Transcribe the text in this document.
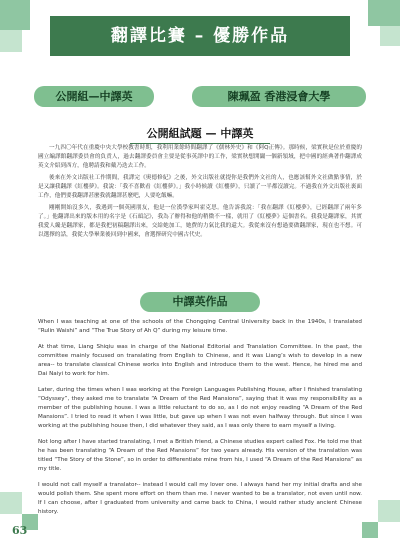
翻譯比賽 – 優勝作品
公開組—中譯英	陳珮盈 香港浸會大學
公開組試題 — 中譯英

一九四〇年代在重慶中央大學校教書時期，我利用業餘時間翻譯了《儒林外史》和《阿Q正傳》。那時候，梁實秋是位於重慶的國立編譯館翻譯委員會的負責人，過去翻譯委員會主要是從事英譯中的工作，梁實秋想開闢一個新領域，把中國的經典著作翻譯成英文介紹到西方，他聘請我和戴乃迭去工作。

後來在外文出版社工作期間，我譯完《奧德修紀》之後，外文出版社就提你是我們外文社的人，也應該幫外文社做點事情，於是又讓我翻譯《紅樓夢》。我說：「我不喜歡看《紅樓夢》。」我小時候讀《紅樓夢》，只讀了一半都沒讀完。不過我在外文出版社裏面工作，他們要我翻譯甚麼我就翻譯甚麼吧，人要吃飯嘛。

剛剛開始沒多久，我遇到一個英國朋友，他是一位漢學家叫霍克思。他告訴我說：「我在翻譯《紅樓夢》，已經翻譯了兩年多了。」他翻譯出來的版本用的名字是《石頭記》，我為了辦得和他的稍微不一樣，就用了《紅樓夢》這個書名。我我是翻譯家，其實我愛人纔是翻譯家，都是我把初稿翻譯出來，交給她加工，她費的力氣比我的還大。我從來沒有想過要做翻譯家，現在也不想。可以選擇的話，我從大學畢業後回到中國來，會選擇研究中國古代史。

中譯英作品

When I was teaching at one of the schools of the Chongqing Central University back in the 1940s, I translated “Rulin Waishi” and “The True Story of Ah Q” during my leisure time.

At that time, Liang Shiqiu was in charge of the National Editorial and Translation Committee. In the past, the committee mainly focused on translating from English to Chinese, and it was Liang’s wish to develop in a new area-- to translate classical Chinese works into English and introduce them to the west. Hence, he hired me and Dai Naiyi to work for him.

Later, during the times when I was working at the Foreign Languages Publishing House, after I finished translating “Odyssey”, they asked me to translate “A Dream of the Red Mansions”, saying that it was my responsibility as a member of the publishing house. I was a little reluctant to do so, as I do not enjoy reading “A Dream of the Red Mansions”. I tried to read it when I was little, but gave up when I was not even halfway through. But since I was working at the publishing house then, I did whatever they said, as I was only there to earn myself a living.

Not long after I have started translating, I met a British friend, a Chinese studies expert called Fox. He told me that he has been translating “A Dream of the Red Mansions” for two years already. His version of the translation was titled “The Story of the Stone”, so in order to differentiate mine from his, I used “A Dream of the Red Mansions” as my title.

I would not call myself a translator-- instead I would call my lover one. I always hand her my initial drafts and she would polish them. She spent more effort on them than me. I never wanted to be a translator, not even until now. If I can choose, after I graduated from university and came back to China, I would rather study ancient Chinese history.

63
